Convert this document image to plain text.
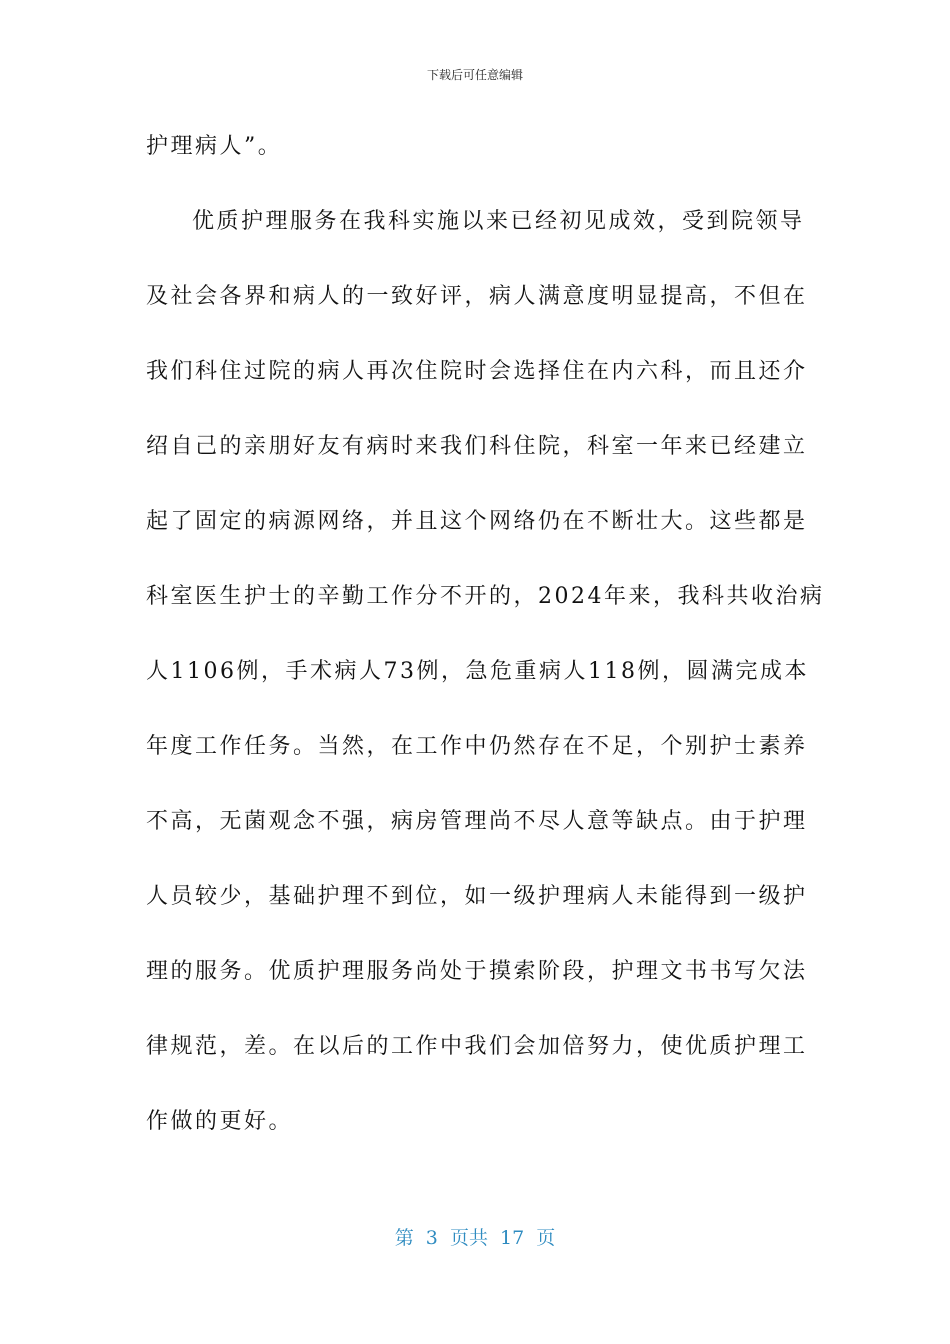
下载后可任意编辑
护理病人”。
优质护理服务在我科实施以来已经初见成效，受到院领导
及社会各界和病人的一致好评，病人满意度明显提高，不但在
我们科住过院的病人再次住院时会选择住在内六科，而且还介
绍自己的亲朋好友有病时来我们科住院，科室一年来已经建立
起了固定的病源网络，并且这个网络仍在不断壮大。这些都是
科室医生护士的辛勤工作分不开的，2024年来，我科共收治病
人1106例，手术病人73例，急危重病人118例，圆满完成本
年度工作任务。当然，在工作中仍然存在不足，个别护士素养
不高，无菌观念不强，病房管理尚不尽人意等缺点。由于护理
人员较少，基础护理不到位，如一级护理病人未能得到一级护
理的服务。优质护理服务尚处于摸索阶段，护理文书书写欠法
律规范，差。在以后的工作中我们会加倍努力，使优质护理工
作做的更好。
第  3  页共  17  页
